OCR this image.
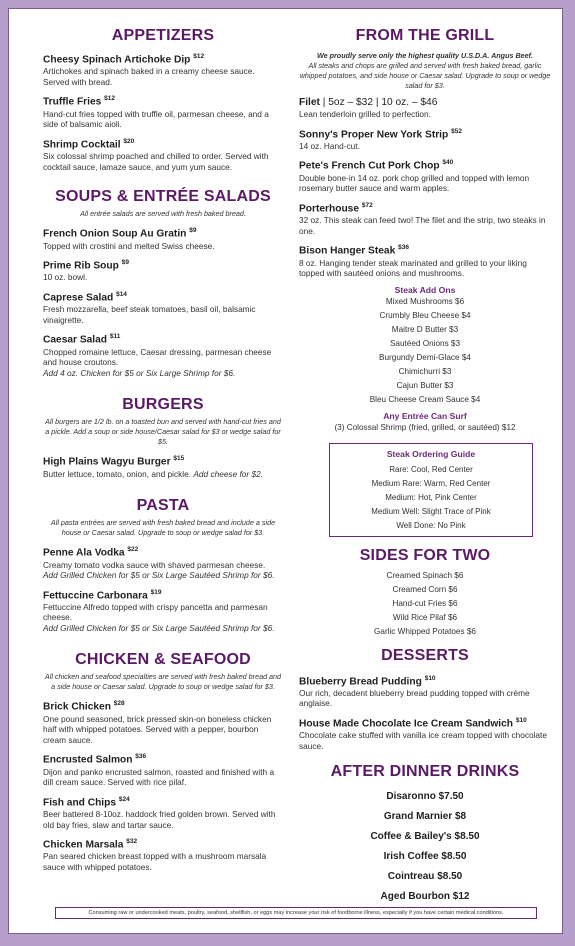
APPETIZERS
Cheesy Spinach Artichoke Dip $^{\$12}$
Artichokes and spinach baked in a creamy cheese sauce. Served with bread.
Truffle Fries $^{\$12}$
Hand-cut fries topped with truffle oil, parmesan cheese, and a side of balsamic aioli.
Shrimp Cocktail $^{\$20}$
Six colossal shrimp poached and chilled to order. Served with cocktail sauce, lamaze sauce, and yum yum sauce.
SOUPS & ENTRÉE SALADS
All entrée salads are served with fresh baked bread.
French Onion Soup Au Gratin $^{\$9}$
Topped with crostini and melted Swiss cheese.
Prime Rib Soup $^{\$9}$
10 oz. bowl.
Caprese Salad $^{\$14}$
Fresh mozzarella, beef steak tomatoes, basil oil, balsamic vinaigrette.
Caesar Salad $^{\$11}$
Chopped romaine lettuce, Caesar dressing, parmesan cheese and house croutons.
Add 4 oz. Chicken for $5 or Six Large Shrimp for $6.
BURGERS
All burgers are 1/2 lb. on a toasted bun and served with hand-cut fries and a pickle. Add a soup or side house/Caesar salad for $3 or wedge salad for $5.
High Plains Wagyu Burger $^{\$15}$
Butter lettuce, tomato, onion, and pickle. Add cheese for $2.
PASTA
All pasta entrées are served with fresh baked bread and include a side house or Caesar salad. Upgrade to soup or wedge salad for $3.
Penne Ala Vodka $^{\$22}$
Creamy tomato vodka sauce with shaved parmesan cheese.
Add Grilled Chicken for $5 or Six Large Sautéed Shrimp for $6.
Fettuccine Carbonara $^{\$19}$
Fettuccine Alfredo topped with crispy pancetta and parmesan cheese.
Add Grilled Chicken for $5 or Six Large Sautéed Shrimp for $6.
CHICKEN & SEAFOOD
All chicken and seafood specialties are served with fresh baked bread and a side house or Caesar salad. Upgrade to soup or wedge salad for $3.
Brick Chicken $^{\$28}$
One pound seasoned, brick pressed skin-on boneless chicken half with whipped potatoes. Served with a pepper, bourbon cream sauce.
Encrusted Salmon $^{\$36}$
Dijon and panko encrusted salmon, roasted and finished with a dill cream sauce. Served with rice pilaf.
Fish and Chips $^{\$24}$
Beer battered 8-10oz. haddock fried golden brown. Served with old bay fries, slaw and tartar sauce.
Chicken Marsala $^{\$32}$
Pan seared chicken breast topped with a mushroom marsala sauce with whipped potatoes.
FROM THE GRILL
We proudly serve only the highest quality U.S.D.A. Angus Beef.
All steaks and chops are grilled and served with fresh baked bread, garlic whipped potatoes, and side house or Caesar salad. Upgrade to soup or wedge salad for $3.
Filet | 5oz – $32 | 10 oz. – $46
Lean tenderloin grilled to perfection.
Sonny's Proper New York Strip $^{\$52}$
14 oz. Hand-cut.
Pete's French Cut Pork Chop $^{\$40}$
Double bone-in 14 oz. pork chop grilled and topped with lemon rosemary butter sauce and warm apples.
Porterhouse $^{\$72}$
32 oz. This steak can feed two! The filet and the strip, two steaks in one.
Bison Hanger Steak $^{\$36}$
8 oz. Hanging tender steak marinated and grilled to your liking topped with sautéed onions and mushrooms.
Steak Add Ons
Mixed Mushrooms $6
Crumbly Bleu Cheese $4
Maitre D Butter $3
Sautéed Onions $3
Burgundy Demi-Glace $4
Chimichurri $3
Cajun Butter $3
Bleu Cheese Cream Sauce $4
Any Entrée Can Surf
(3) Colossal Shrimp (fried, grilled, or sautéed) $12
Steak Ordering Guide
Rare: Cool, Red Center
Medium Rare: Warm, Red Center
Medium: Hot, Pink Center
Medium Well: Slight Trace of Pink
Well Done: No Pink
SIDES FOR TWO
Creamed Spinach $6
Creamed Corn $6
Hand-cut Fries $6
Wild Rice Pilaf $6
Garlic Whipped Potatoes $6
DESSERTS
Blueberry Bread Pudding $^{\$10}$
Our rich, decadent blueberry bread pudding topped with crème anglaise.
House Made Chocolate Ice Cream Sandwich $^{\$10}$
Chocolate cake stuffed with vanilla ice cream topped with chocolate sauce.
AFTER DINNER DRINKS
Disaronno $7.50
Grand Marnier $8
Coffee & Bailey's $8.50
Irish Coffee $8.50
Cointreau $8.50
Aged Bourbon $12
Consuming raw or undercooked meats, poultry, seafood, shellfish, or eggs may increase your risk of foodborne illness, especially if you have certain medical conditions.
